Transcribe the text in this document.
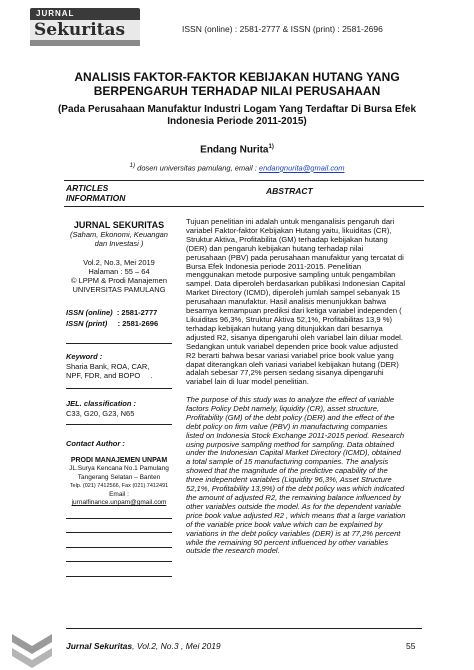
JURNAL
Sekuritas	ISSN (online) : 2581-2777 & ISSN (print) : 2581-2696
ANALISIS FAKTOR-FAKTOR KEBIJAKAN HUTANG YANG
BERPENGARUH TERHADAP NILAI PERUSAHAAN
(Pada Perusahaan Manufaktur Industri Logam Yang Terdaftar Di Bursa Efek
Indonesia Periode 2011-2015)
Endang Nurita$^{1)}$
$^{1)}$ dosen universitas pamulang, email : endangnurita@gmail.com
ARTICLES
INFORMATION
ABSTRACT
JURNAL SEKURITAS
(Saham, Ekonomi, Keuangan
dan Investasi )
Vol.2, No.3, Mei 2019
Halaman : 55 – 64
© LPPM & Prodi Manajemen
UNIVERSITAS PAMULANG
ISSN (online) : 2581-2777
ISSN (print) : 2581-2696
Keyword :
Sharia Bank, ROA, CAR,
NPF, FDR, and BOPO .
JEL. classification :
C33, G20, G23, N65
Contact Author :
PRODI MANAJEMEN UNPAM
JL.Surya Kencana No.1 Pamulang
Tangerang Selatan – Banten
Telp. (021) 7412566, Fax (021) 7412491
Email :
jurnalfinance.unpam@gmail.com
Tujuan penelitian ini adalah untuk menganalisis pengaruh dari
variabel Faktor-faktor Kebijakan Hutang yaitu, likuiditas (CR),
Struktur Aktiva, Profitabilita (GM) terhadap kebijakan hutang
(DER) dan pengaruh kebijakan hutang terhadap nilai
perusahaan (PBV) pada perusahaan manufaktur yang tercatat di
Bursa Efek Indonesia periode 2011-2015. Penelitian
menggunakan metode purposive sampling untuk pengambilan
sampel. Data diperoleh berdasarkan publikasi Indonesian Capital
Market Directory (ICMD), diperoleh jumlah sampel sebanyak 15
perusahaan manufaktur. Hasil analisis menunjukkan bahwa
besarnya kemampuan prediksi dari ketiga variabel independen (
Likuiditas 96,3%, Struktur Aktiva 52,1%, Profitabilitas 13,9 %)
terhadap kebijakan hutang yang ditunjukkan dari besarnya
adjusted R2, sisanya dipengaruhi oleh variabel lain diluar model.
Sedangkan untuk variabel dependen price book value adjusted
R2 berarti bahwa besar variasi variabel price book value yang
dapat diterangkan oleh variasi variabel kebijakan hutang (DER)
adalah sebesar 77,2% persen sedang sisanya dipengaruhi
variabel lain di luar model penelitian.
The purpose of this study was to analyze the effect of variable
factors Policy Debt namely, liquidity (CR), asset structure,
Profitability (GM) of the debt policy (DER) and the effect of the
debt policy on firm value (PBV) in manufacturing companies
listed on Indonesia Stock Exchange 2011-2015 period. Research
using purposive sampling method for sampling. Data obtained
under the Indonesian Capital Market Directory (ICMD), obtained
a total sample of 15 manufacturing companies. The analysis
showed that the magnitude of the predictive capability of the
three independent variables (Liquidity 96,3%, Asset Structure
52,1%, Profitability 13,9%) of the debt policy was which indicated
the amount of adjusted R2, the remaining balance influenced by
other variables outside the model. As for the dependent variable
price book value adjusted R2 , which means that a large variation
of the variable price book value which can be explained by
variations in the debt policy variables (DER) is at 77,2% percent
while the remaining 90 percent influenced by other variables
outside the research model.
Jurnal Sekuritas, Vol.2, No.3 , Mei 2019	55
